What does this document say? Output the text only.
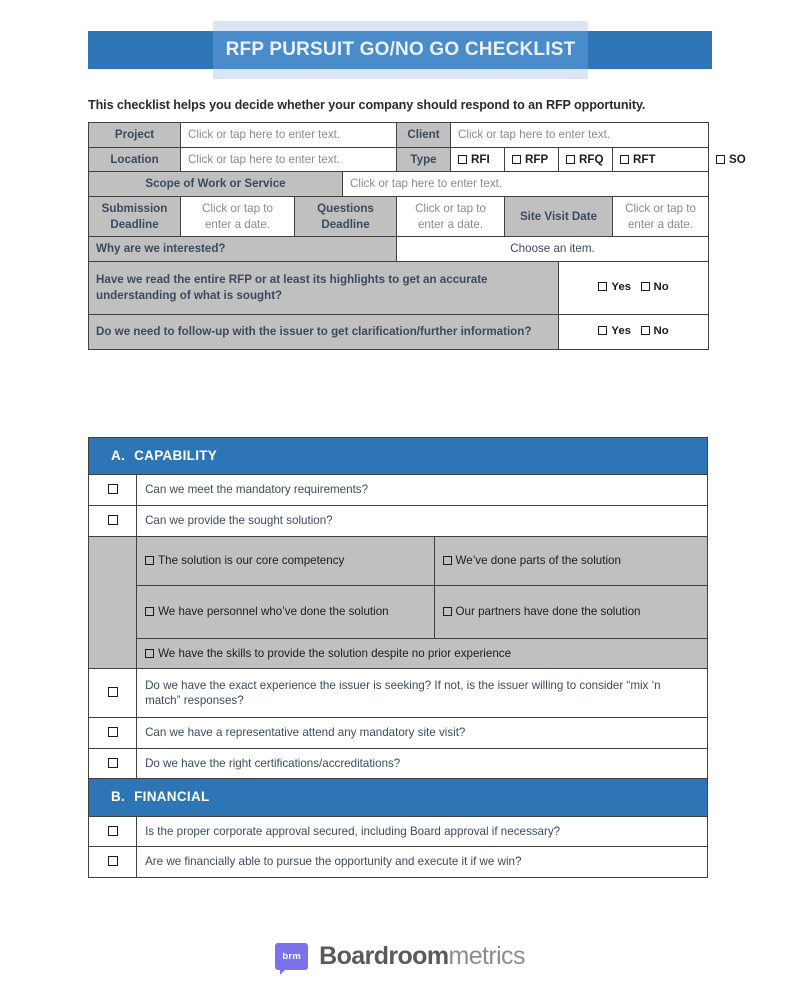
RFP PURSUIT GO/NO GO CHECKLIST
This checklist helps you decide whether your company should respond to an RFP opportunity.
Project	Click or tap here to enter text.			Client	Click or tap here to enter text.				
Location	Click or tap here to enter text.			Type	RFI	RFP	RFQ	RFT	SO
Scope of Work or Service			Click or tap here to enter text.						
Submission Deadline	Click or tap to enter a date.	Questions Deadline		Click or tap to enter a date.		Site Visit Date		Click or tap to enter a date.	
Why are we interested?				Choose an item.					
Have we read the entire RFP or at least its highlights to get an accurate understanding of what is sought?							Yes No		
Do we need to follow-up with the issuer to get clarification/further information?							Yes No		
A. CAPABILITY		
	Can we meet the mandatory requirements?	
	Can we provide the sought solution?	
	The solution is our core competency	We’ve done parts of the solution
	We have personnel who’ve done the solution	Our partners have done the solution
	We have the skills to provide the solution despite no prior experience	
	Do we have the exact experience the issuer is seeking? If not, is the issuer willing to consider “mix ‘n match” responses?	
	Can we have a representative attend any mandatory site visit?	
	Do we have the right certifications/accreditations?	
B. FINANCIAL		
	Is the proper corporate approval secured, including Board approval if necessary?	
	Are we financially able to pursue the opportunity and execute it if we win?	
brm Boardroommetrics
